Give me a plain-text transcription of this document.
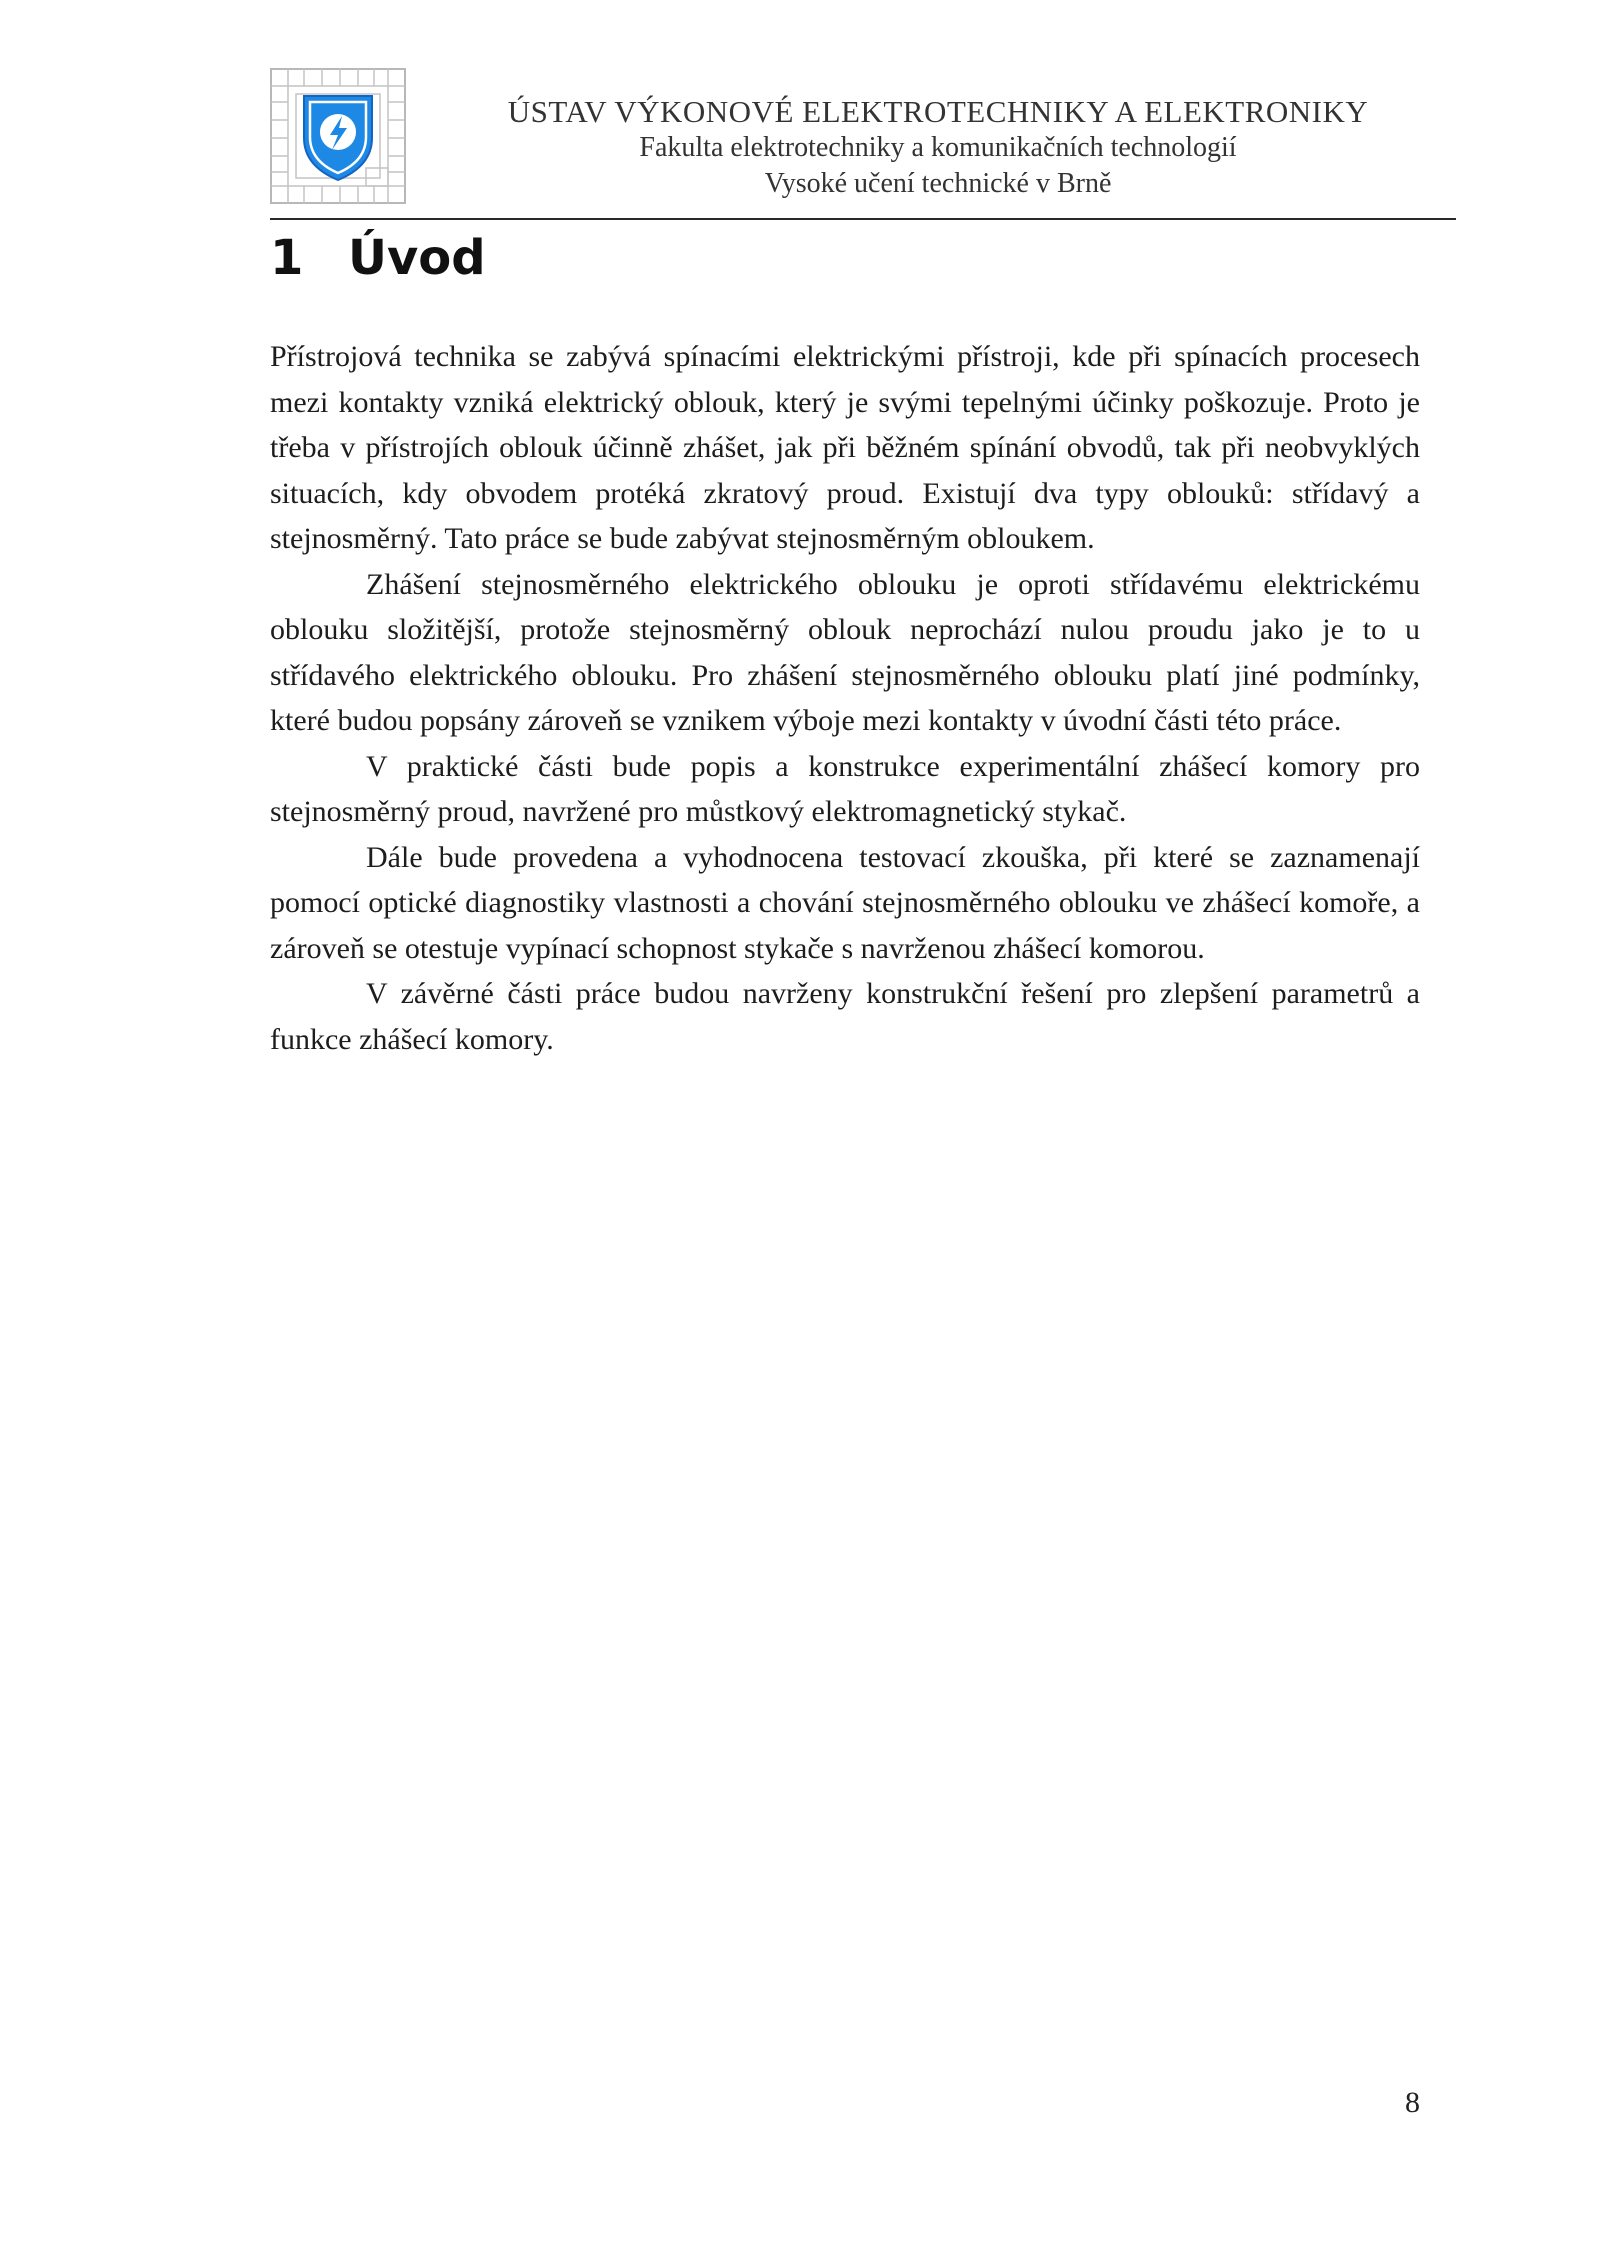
ÚSTAV VÝKONOVÉ ELEKTROTECHNIKY A ELEKTRONIKY
Fakulta elektrotechniky a komunikačních technologií
Vysoké učení technické v Brně
1 Úvod

Přístrojová technika se zabývá spínacími elektrickými přístroji, kde při spínacích procesech mezi kontakty vzniká elektrický oblouk, který je svými tepelnými účinky poškozuje. Proto je třeba v přístrojích oblouk účinně zhášet, jak při běžném spínání obvodů, tak při neobvyklých situacích, kdy obvodem protéká zkratový proud. Existují dva typy oblouků: střídavý a stejnosměrný. Tato práce se bude zabývat stejnosměrným obloukem.

Zhášení stejnosměrného elektrického oblouku je oproti střídavému elektrickému oblouku složitější, protože stejnosměrný oblouk neprochází nulou proudu jako je to u střídavého elektrického oblouku. Pro zhášení stejnosměrného oblouku platí jiné podmínky, které budou popsány zároveň se vznikem výboje mezi kontakty v úvodní části této práce.

V praktické části bude popis a konstrukce experimentální zhášecí komory pro stejnosměrný proud, navržené pro můstkový elektromagnetický stykač.

Dále bude provedena a vyhodnocena testovací zkouška, při které se zaznamenají pomocí optické diagnostiky vlastnosti a chování stejnosměrného oblouku ve zhášecí komoře, a zároveň se otestuje vypínací schopnost stykače s navrženou zhášecí komorou.

V závěrné části práce budou navrženy konstrukční řešení pro zlepšení parametrů a funkce zhášecí komory.

8
